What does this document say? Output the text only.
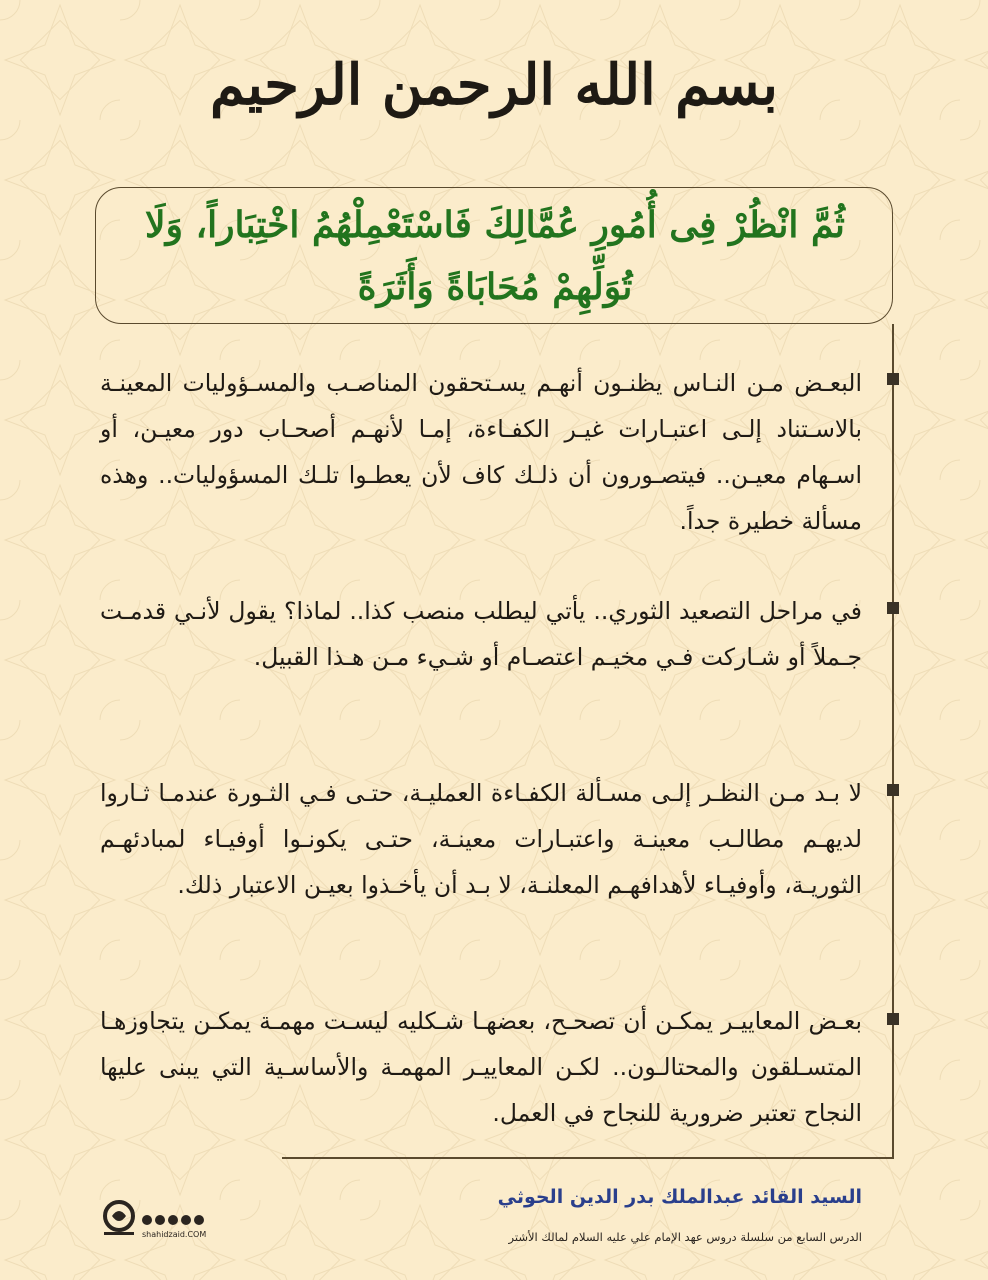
بسم الله الرحمن الرحيم
ثُمَّ انْظُرْ فِى أُمُورِ عُمَّالِكَ فَاسْتَعْمِلْهُمُ اخْتِبَاراً، وَلَا
تُوَلِّهِمْ مُحَابَاةً وَأَثَرَةً
البعـض مـن النـاس يظنـون أنهـم يسـتحقون المناصـب والمسـؤوليات المعينـة بالاسـتناد إلـى اعتبـارات غيـر الكفـاءة، إمـا لأنهـم أصحـاب دور معيـن، أو اسـهام معيـن.. فيتصـورون أن ذلـك كاف لأن يعطـوا تلـك المسؤوليات.. وهذه مسألة خطيرة جداً.
في مراحل التصعيد الثوري.. يأتي ليطلب منصب كذا.. لماذا؟ يقول لأنـي قدمـت جـملاً أو شـاركت فـي مخيـم اعتصـام أو شـيء مـن هـذا القبيل.
لا بـد مـن النظـر إلـى مسـألة الكفـاءة العمليـة، حتـى فـي الثـورة عندمـا ثـاروا لديهـم مطالـب معينـة واعتبـارات معينـة، حتـى يكونـوا أوفيـاء لمبادئهـم الثوريـة، وأوفيـاء لأهدافهـم المعلنـة، لا بـد أن يأخـذوا بعيـن الاعتبار ذلك.
بعـض المعاييـر يمكـن أن تصحـح، بعضهـا شـكليه ليسـت مهمـة يمكـن يتجاوزهـا المتسـلقون والمحتالـون.. لكـن المعاييـر المهمـة والأساسـية التي يبنى عليها النجاح تعتبر ضرورية للنجاح في العمل.
السيد القائد عبدالملك بدر الدين الحوثي
الدرس السابع من سلسلة دروس عهد الإمام علي عليه السلام لمالك الأشتر
shahidzaid.COM
